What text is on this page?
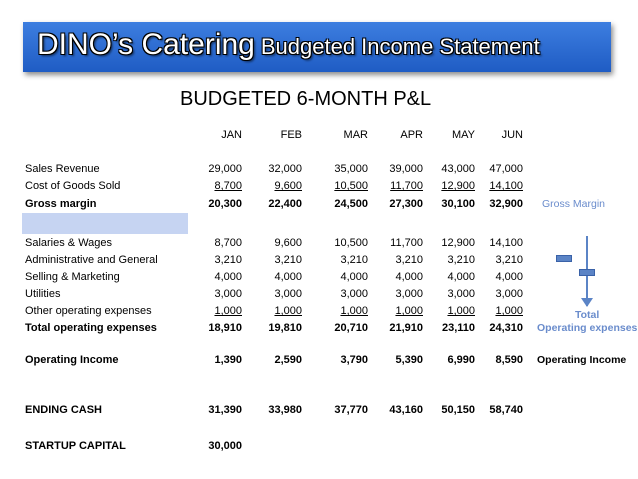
DINO’s Catering Budgeted Income Statement
BUDGETED 6-MONTH P&L
JAN	FEB	MAR	APR	MAY	JUN
Sales Revenue	29,000	32,000	35,000	39,000	43,000	47,000
Cost of Goods Sold	8,700	9,600	10,500	11,700	12,900	14,100
Gross margin	20,300	22,400	24,500	27,300	30,100	32,900
Salaries & Wages	8,700	9,600	10,500	11,700	12,900	14,100
Administrative and General	3,210	3,210	3,210	3,210	3,210	3,210
Selling & Marketing	4,000	4,000	4,000	4,000	4,000	4,000
Utilities	3,000	3,000	3,000	3,000	3,000	3,000
Other operating expenses	1,000	1,000	1,000	1,000	1,000	1,000
Total operating expenses	18,910	19,810	20,710	21,910	23,110	24,310
Operating Income	1,390	2,590	3,790	5,390	6,990	8,590
ENDING CASH	31,390	33,980	37,770	43,160	50,150	58,740
STARTUP CAPITAL	30,000
Gross Margin
Total
Operating expenses
Operating Income
